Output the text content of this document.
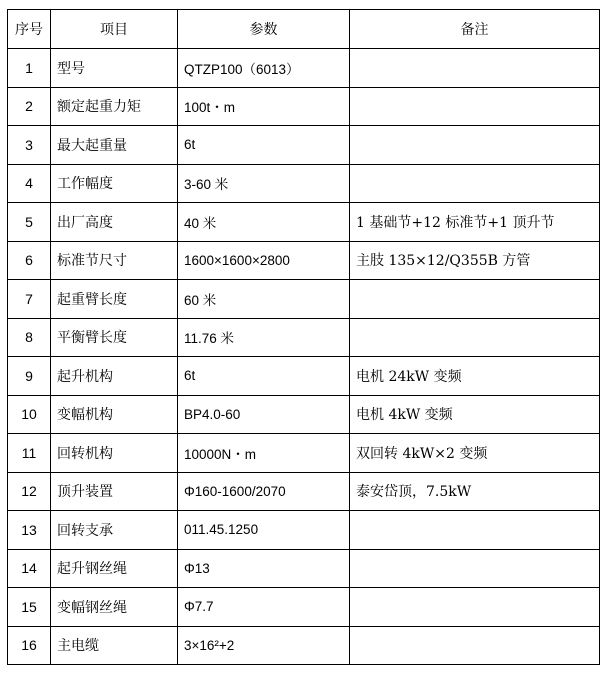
序号	项目	参数	备注
1	型号	QTZP100（6013）	
2	额定起重力矩	100t・m	
3	最大起重量	6t	
4	工作幅度	3-60 米	
5	出厂高度	40 米	1 基础节+12 标准节+1 顶升节
6	标准节尺寸	1600×1600×2800	主肢 135×12/Q355B 方管
7	起重臂长度	60 米	
8	平衡臂长度	11.76 米	
9	起升机构	6t	电机 24kW 变频
10	变幅机构	BP4.0-60	电机 4kW 变频
11	回转机构	10000N・m	双回转 4kW×2 变频
12	顶升装置	Φ160-1600/2070	泰安岱顶，7.5kW
13	回转支承	011.45.1250	
14	起升钢丝绳	Φ13	
15	变幅钢丝绳	Φ7.7	
16	主电缆	3×16²+2	
